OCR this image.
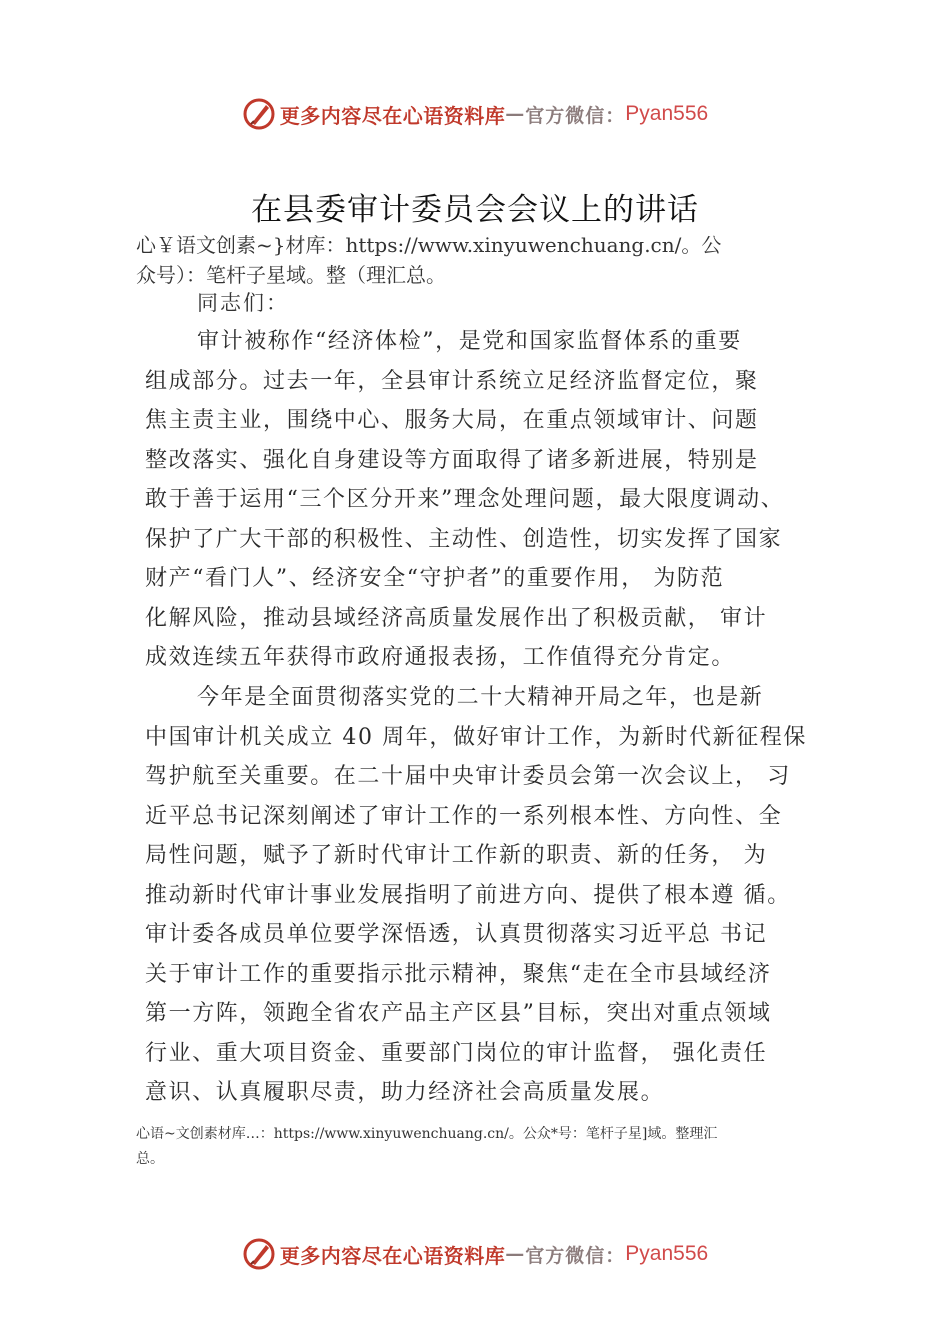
更多内容尽在心语资料库 — 官方微信： Pyan556
在县委审计委员会会议上的讲话
心￥语文创素~}材库：https://www.xinyuwenchuang.cn/。公
众号）：笔杆子星域。整（理汇总。
同志们：
审计被称作“经济体检”，是党和国家监督体系的重要
组成部分。过去一年，全县审计系统立足经济监督定位，聚
焦主责主业，围绕中心、服务大局，在重点领域审计、问题
整改落实、强化自身建设等方面取得了诸多新进展，特别是
敢于善于运用“三个区分开来”理念处理问题，最大限度调动、
保护了广大干部的积极性、主动性、创造性，切实发挥了国家
财产“看门人”、经济安全“守护者”的重要作用， 为防范
化解风险，推动县域经济高质量发展作出了积极贡献， 审计
成效连续五年获得市政府通报表扬，工作值得充分肯定。
今年是全面贯彻落实党的二十大精神开局之年，也是新
中国审计机关成立 40 周年，做好审计工作，为新时代新征程保
驾护航至关重要。在二十届中央审计委员会第一次会议上， 习
近平总书记深刻阐述了审计工作的一系列根本性、方向性、全
局性问题，赋予了新时代审计工作新的职责、新的任务， 为
推动新时代审计事业发展指明了前进方向、提供了根本遵 循。
审计委各成员单位要学深悟透，认真贯彻落实习近平总 书记
关于审计工作的重要指示批示精神，聚焦“走在全市县域经济
第一方阵，领跑全省农产品主产区县”目标，突出对重点领域
行业、重大项目资金、重要部门岗位的审计监督， 强化责任
意识、认真履职尽责，助力经济社会高质量发展。
心语~文创素材库…：https://www.xinyuwenchuang.cn/。公众*号：笔杆子星]域。整理汇
总。
更多内容尽在心语资料库 — 官方微信： Pyan556
